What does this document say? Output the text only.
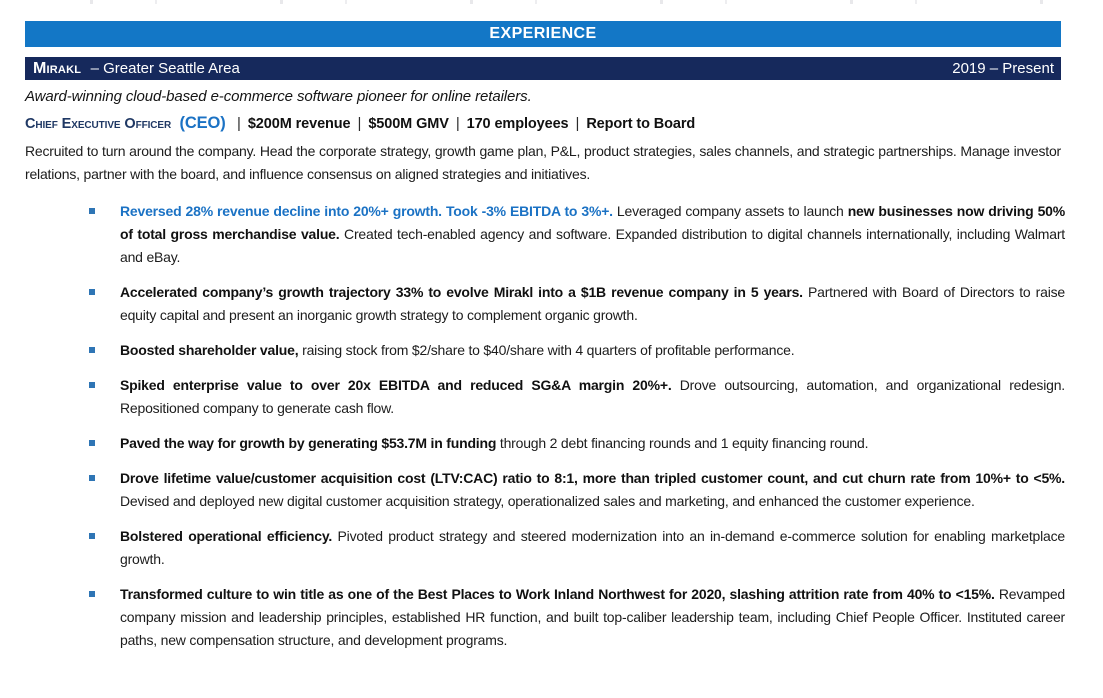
EXPERIENCE
Mirakl – Greater Seattle Area	2019 – Present
Award-winning cloud-based e-commerce software pioneer for online retailers.
Chief Executive Officer (CEO) | $200M revenue | $500M GMV | 170 employees | Report to Board

Recruited to turn around the company. Head the corporate strategy, growth game plan, P&L, product strategies, sales channels, and strategic partnerships. Manage investor relations, partner with the board, and influence consensus on aligned strategies and initiatives.

Reversed 28% revenue decline into 20%+ growth. Took -3% EBITDA to 3%+. Leveraged company assets to launch new businesses now driving 50% of total gross merchandise value. Created tech-enabled agency and software. Expanded distribution to digital channels internationally, including Walmart and eBay.
Accelerated company’s growth trajectory 33% to evolve Mirakl into a $1B revenue company in 5 years. Partnered with Board of Directors to raise equity capital and present an inorganic growth strategy to complement organic growth.
Boosted shareholder value, raising stock from $2/share to $40/share with 4 quarters of profitable performance.
Spiked enterprise value to over 20x EBITDA and reduced SG&A margin 20%+. Drove outsourcing, automation, and organizational redesign. Repositioned company to generate cash flow.
Paved the way for growth by generating $53.7M in funding through 2 debt financing rounds and 1 equity financing round.
Drove lifetime value/customer acquisition cost (LTV:CAC) ratio to 8:1, more than tripled customer count, and cut churn rate from 10%+ to <5%. Devised and deployed new digital customer acquisition strategy, operationalized sales and marketing, and enhanced the customer experience.
Bolstered operational efficiency. Pivoted product strategy and steered modernization into an in-demand e-commerce solution for enabling marketplace growth.
Transformed culture to win title as one of the Best Places to Work Inland Northwest for 2020, slashing attrition rate from 40% to <15%. Revamped company mission and leadership principles, established HR function, and built top-caliber leadership team, including Chief People Officer. Instituted career paths, new compensation structure, and development programs.
